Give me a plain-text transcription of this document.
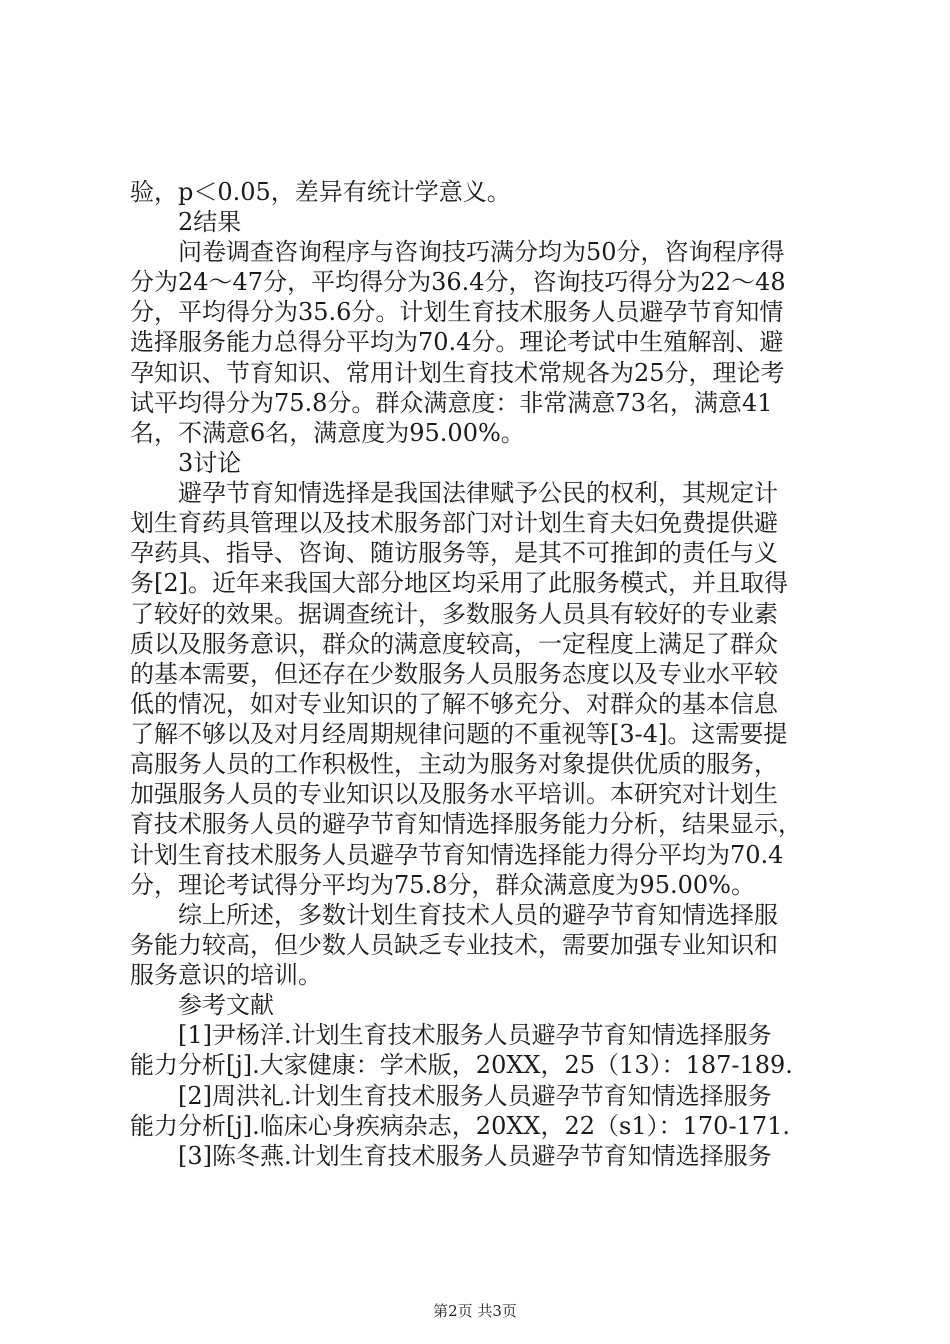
验，p＜0.05，差异有统计学意义。
2结果
问卷调查咨询程序与咨询技巧满分均为50分，咨询程序得
分为24～47分，平均得分为36.4分，咨询技巧得分为22～48
分，平均得分为35.6分。计划生育技术服务人员避孕节育知情
选择服务能力总得分平均为70.4分。理论考试中生殖解剖、避
孕知识、节育知识、常用计划生育技术常规各为25分，理论考
试平均得分为75.8分。群众满意度：非常满意73名，满意41
名，不满意6名，满意度为95.00%。
3讨论
避孕节育知情选择是我国法律赋予公民的权利，其规定计
划生育药具管理以及技术服务部门对计划生育夫妇免费提供避
孕药具、指导、咨询、随访服务等，是其不可推卸的责任与义
务[2]。近年来我国大部分地区均采用了此服务模式，并且取得
了较好的效果。据调查统计，多数服务人员具有较好的专业素
质以及服务意识，群众的满意度较高，一定程度上满足了群众
的基本需要，但还存在少数服务人员服务态度以及专业水平较
低的情况，如对专业知识的了解不够充分、对群众的基本信息
了解不够以及对月经周期规律问题的不重视等[3-4]。这需要提
高服务人员的工作积极性，主动为服务对象提供优质的服务，
加强服务人员的专业知识以及服务水平培训。本研究对计划生
育技术服务人员的避孕节育知情选择服务能力分析，结果显示，
计划生育技术服务人员避孕节育知情选择能力得分平均为70.4
分，理论考试得分平均为75.8分，群众满意度为95.00%。
综上所述，多数计划生育技术人员的避孕节育知情选择服
务能力较高，但少数人员缺乏专业技术，需要加强专业知识和
服务意识的培训。
参考文献
[1]尹杨洋.计划生育技术服务人员避孕节育知情选择服务
能力分析[j].大家健康：学术版，20XX，25（13）：187-189.
[2]周洪礼.计划生育技术服务人员避孕节育知情选择服务
能力分析[j].临床心身疾病杂志，20XX，22（s1）：170-171.
[3]陈冬燕.计划生育技术服务人员避孕节育知情选择服务
第2页 共3页
